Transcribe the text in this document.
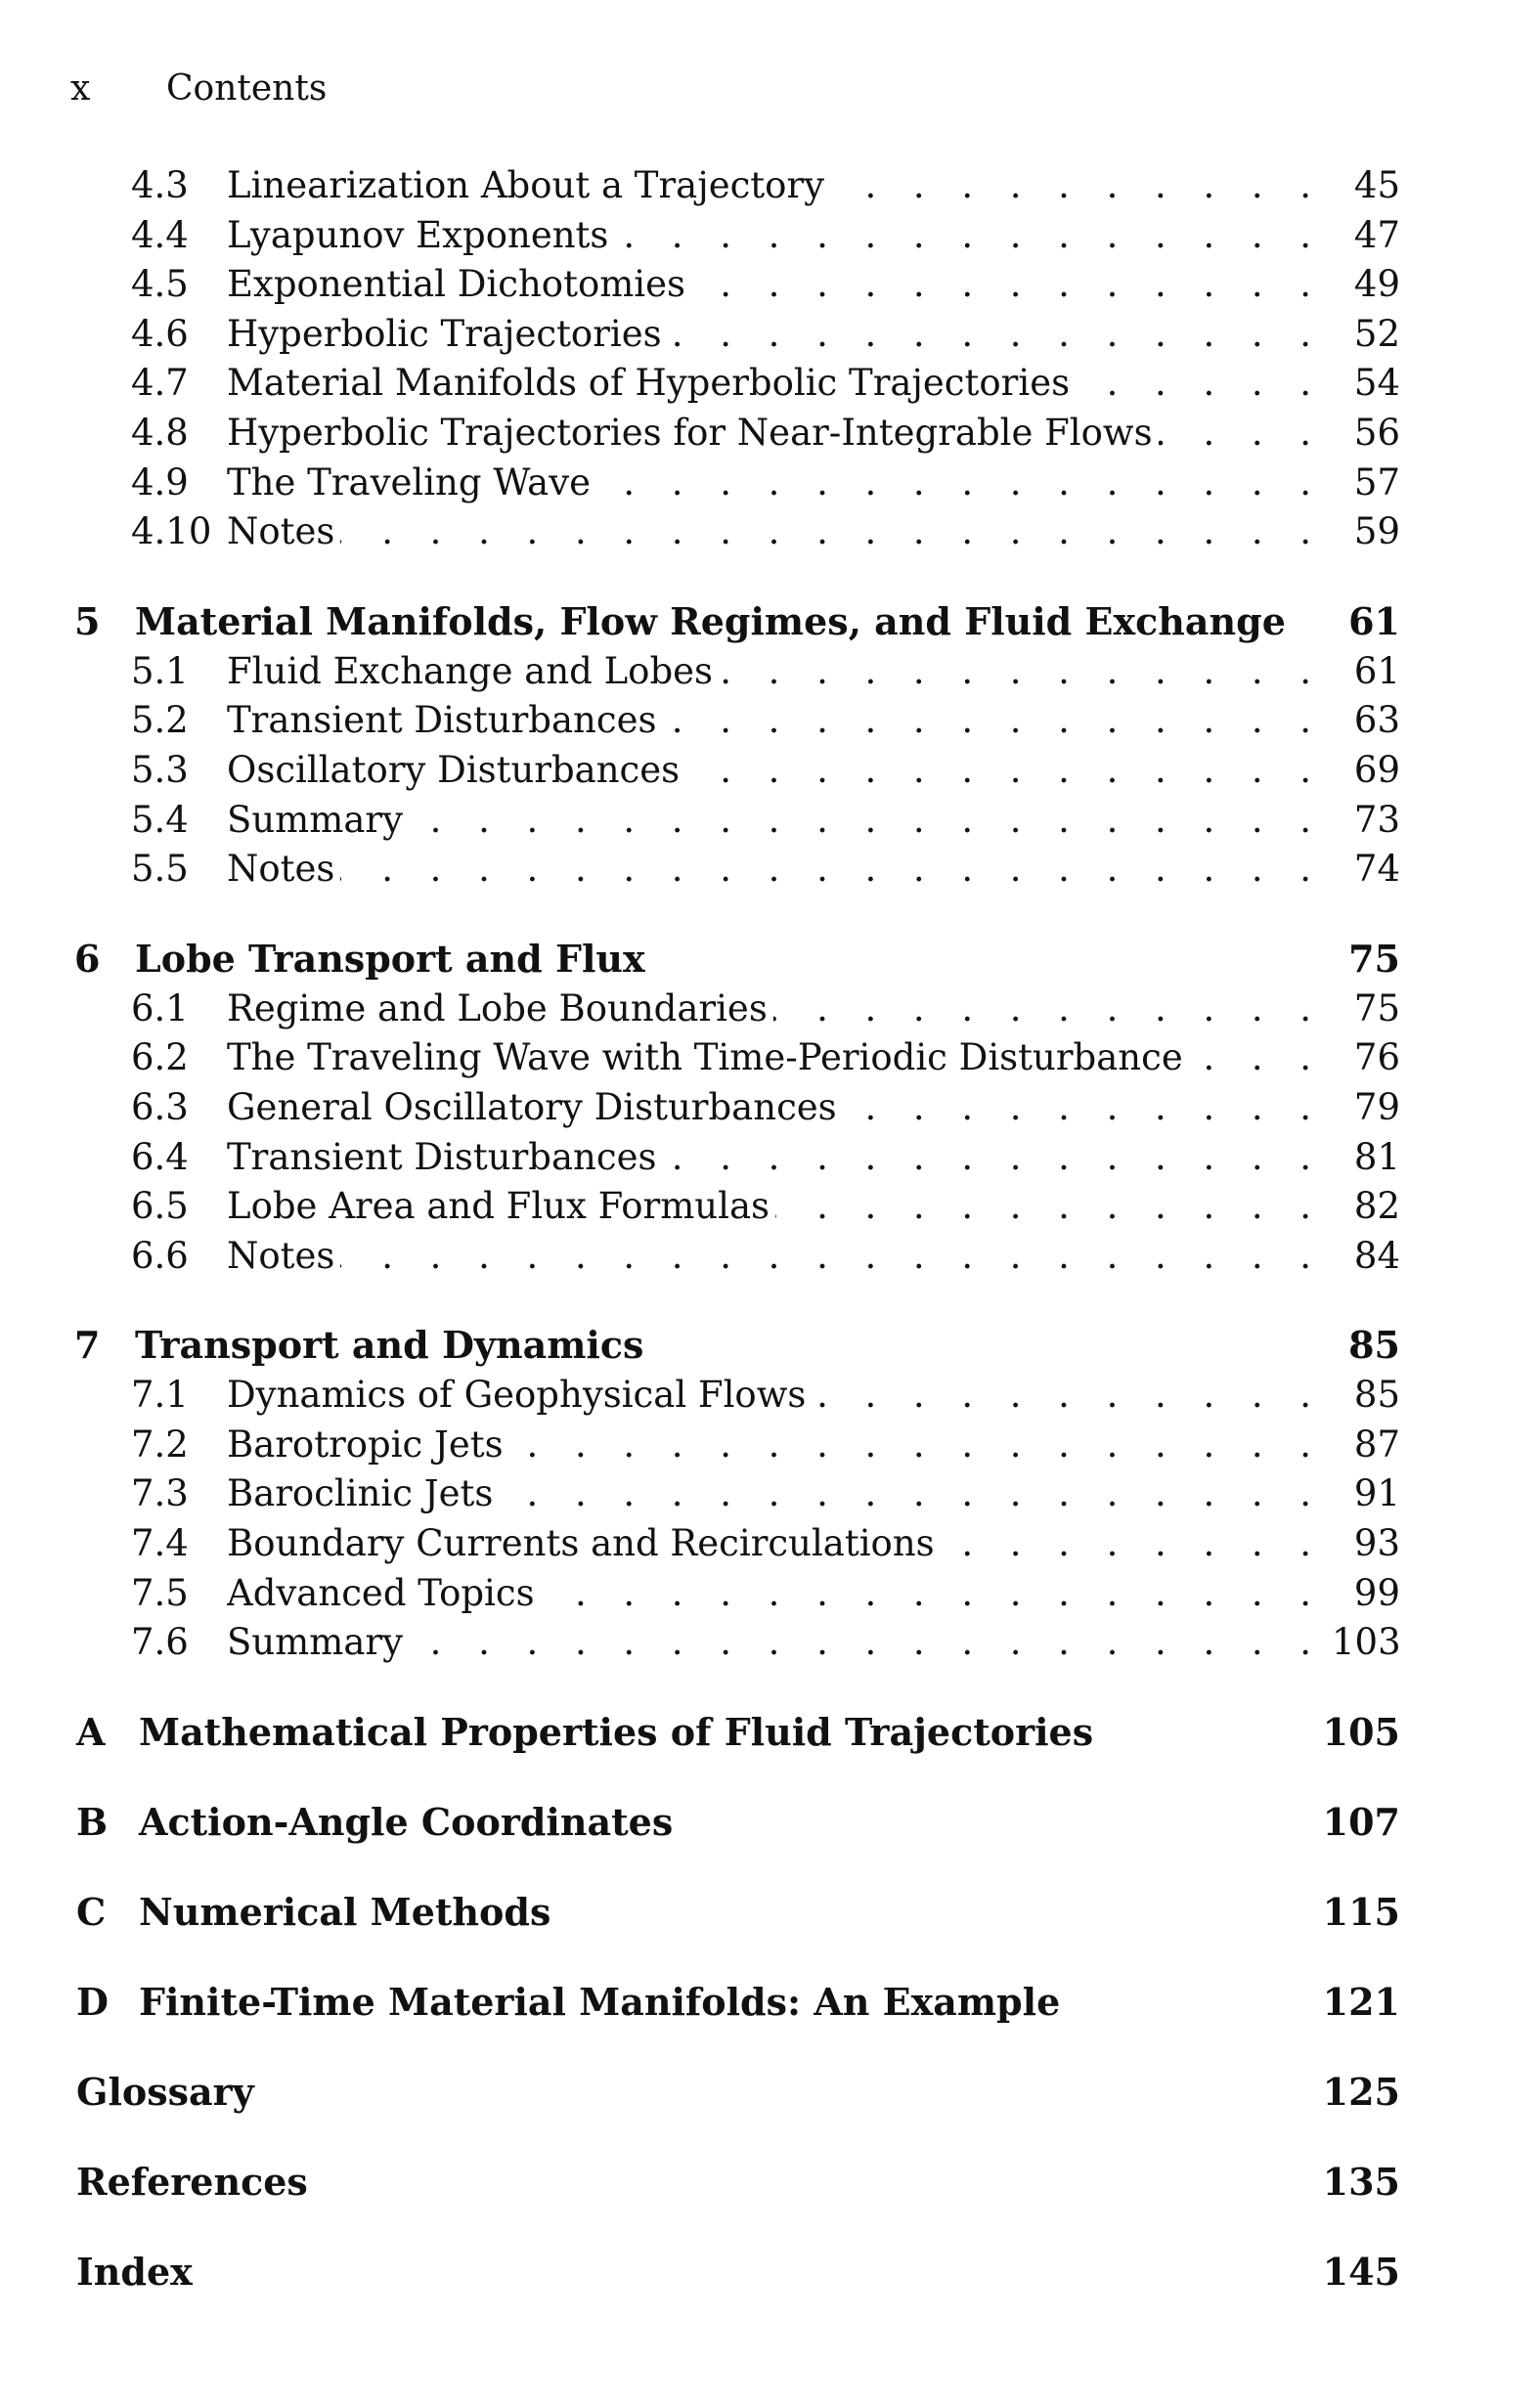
x Contents
4.3 Linearization About a Trajectory . . .	45
4.4 Lyapunov Exponents . . .	47
4.5 Exponential Dichotomies . . .	49
4.6 Hyperbolic Trajectories . . .	52
4.7 Material Manifolds of Hyperbolic Trajectories . . .	54
4.8 Hyperbolic Trajectories for Near-Integrable Flows . . .	56
4.9 The Traveling Wave . . .	57
4.10 Notes . . .	59
5 Material Manifolds, Flow Regimes, and Fluid Exchange 61
5.1 Fluid Exchange and Lobes . . .	61
5.2 Transient Disturbances . . .	63
5.3 Oscillatory Disturbances . . .	69
5.4 Summary . . .	73
5.5 Notes . . .	74
6 Lobe Transport and Flux	75
6.1 Regime and Lobe Boundaries . . .	75
6.2 The Traveling Wave with Time-Periodic Disturbance . . .	76
6.3 General Oscillatory Disturbances . . .	79
6.4 Transient Disturbances . . .	81
6.5 Lobe Area and Flux Formulas . . .	82
6.6 Notes . . .	84
7 Transport and Dynamics	85
7.1 Dynamics of Geophysical Flows . . .	85
7.2 Barotropic Jets . . .	87
7.3 Baroclinic Jets . . .	91
7.4 Boundary Currents and Recirculations . . .	93
7.5 Advanced Topics . . .	99
7.6 Summary . . .	103
A Mathematical Properties of Fluid Trajectories	105
B Action-Angle Coordinates	107
C Numerical Methods	115
D Finite-Time Material Manifolds: An Example	121
Glossary	125
References	135
Index	145
